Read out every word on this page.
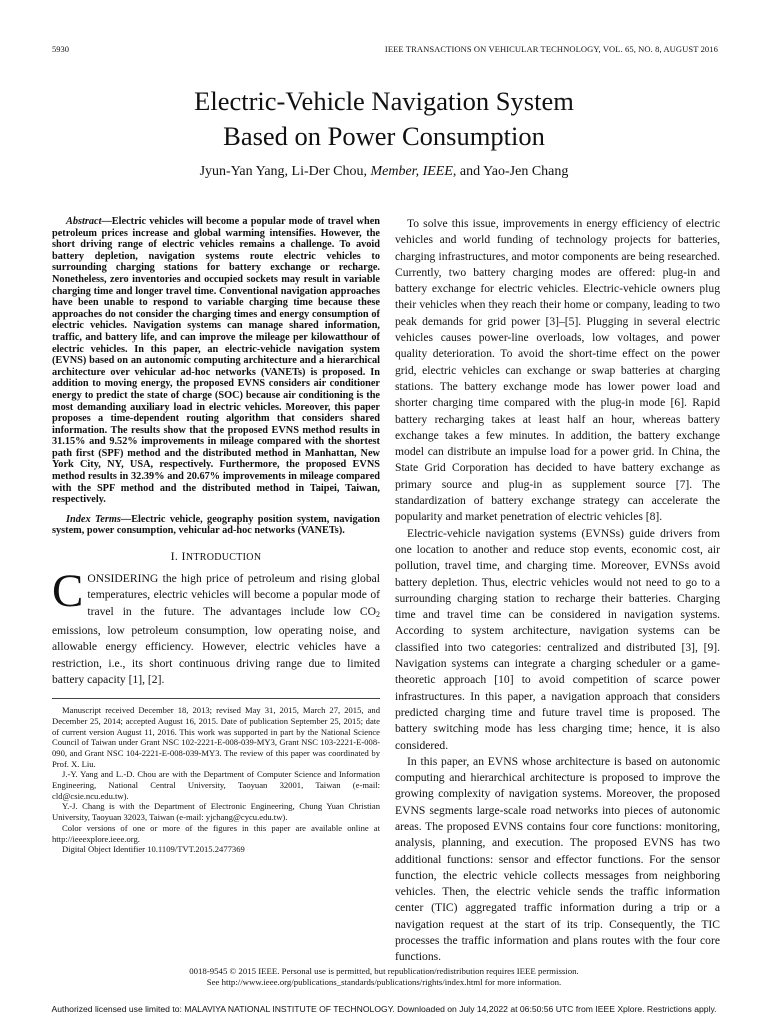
5930	IEEE TRANSACTIONS ON VEHICULAR TECHNOLOGY, VOL. 65, NO. 8, AUGUST 2016
Electric-Vehicle Navigation System
Based on Power Consumption
Jyun-Yan Yang, Li-Der Chou, Member, IEEE, and Yao-Jen Chang

Abstract—Electric vehicles will become a popular mode of travel when petroleum prices increase and global warming intensifies. However, the short driving range of electric vehicles remains a challenge. To avoid battery depletion, navigation systems route electric vehicles to surrounding charging stations for battery exchange or recharge. Nonetheless, zero inventories and occupied sockets may result in variable charging time and longer travel time. Conventional navigation approaches have been unable to respond to variable charging time because these approaches do not consider the charging times and energy consumption of electric vehicles. Navigation systems can manage shared information, traffic, and battery life, and can improve the mileage per kilowatthour of electric vehicles. In this paper, an electric-vehicle navigation system (EVNS) based on an autonomic computing architecture and a hierarchical architecture over vehicular ad-hoc networks (VANETs) is proposed. In addition to moving energy, the proposed EVNS considers air conditioner energy to predict the state of charge (SOC) because air conditioning is the most demanding auxiliary load in electric vehicles. Moreover, this paper proposes a time-dependent routing algorithm that considers shared information. The results show that the proposed EVNS method results in 31.15% and 9.52% improvements in mileage compared with the shortest path first (SPF) method and the distributed method in Manhattan, New York City, NY, USA, respectively. Furthermore, the proposed EVNS method results in 32.39% and 20.67% improvements in mileage compared with the SPF method and the distributed method in Taipei, Taiwan, respectively.

Index Terms—Electric vehicle, geography position system, navigation system, power consumption, vehicular ad-hoc networks (VANETs).

I. INTRODUCTION

CONSIDERING the high price of petroleum and rising global temperatures, electric vehicles will become a popular mode of travel in the future. The advantages include low CO2 emissions, low petroleum consumption, low operating noise, and allowable energy efficiency. However, electric vehicles have a restriction, i.e., its short continuous driving range due to limited battery capacity [1], [2].

Manuscript received December 18, 2013; revised May 31, 2015, March 27, 2015, and December 25, 2014; accepted August 16, 2015. Date of publication September 25, 2015; date of current version August 11, 2016. This work was supported in part by the National Science Council of Taiwan under Grant NSC 102-2221-E-008-039-MY3, Grant NSC 103-2221-E-008-090, and Grant NSC 104-2221-E-008-039-MY3. The review of this paper was coordinated by Prof. X. Liu.

J.-Y. Yang and L.-D. Chou are with the Department of Computer Science and Information Engineering, National Central University, Taoyuan 32001, Taiwan (e-mail: cld@csie.ncu.edu.tw).

Y.-J. Chang is with the Department of Electronic Engineering, Chung Yuan Christian University, Taoyuan 32023, Taiwan (e-mail: yjchang@cycu.edu.tw).

Color versions of one or more of the figures in this paper are available online at http://ieeexplore.ieee.org.

Digital Object Identifier 10.1109/TVT.2015.2477369

To solve this issue, improvements in energy efficiency of electric vehicles and world funding of technology projects for batteries, charging infrastructures, and motor components are being researched. Currently, two battery charging modes are offered: plug-in and battery exchange for electric vehicles. Electric-vehicle owners plug their vehicles when they reach their home or company, leading to two peak demands for grid power [3]–[5]. Plugging in several electric vehicles causes power-line overloads, low voltages, and power quality deterioration. To avoid the short-time effect on the power grid, electric vehicles can exchange or swap batteries at charging stations. The battery exchange mode has lower power load and shorter charging time compared with the plug-in mode [6]. Rapid battery recharging takes at least half an hour, whereas battery exchange takes a few minutes. In addition, the battery exchange model can distribute an impulse load for a power grid. In China, the State Grid Corporation has decided to have battery exchange as primary source and plug-in as supplement source [7]. The standardization of battery exchange strategy can accelerate the popularity and market penetration of electric vehicles [8].

Electric-vehicle navigation systems (EVNSs) guide drivers from one location to another and reduce stop events, economic cost, air pollution, travel time, and charging time. Moreover, EVNSs avoid battery depletion. Thus, electric vehicles would not need to go to a surrounding charging station to recharge their batteries. Charging time and travel time can be considered in navigation systems. According to system architecture, navigation systems can be classified into two categories: centralized and distributed [3], [9]. Navigation systems can integrate a charging scheduler or a game-theoretic approach [10] to avoid competition of scarce power infrastructures. In this paper, a navigation approach that considers predicted charging time and future travel time is proposed. The battery switching mode has less charging time; hence, it is also considered.

In this paper, an EVNS whose architecture is based on autonomic computing and hierarchical architecture is proposed to improve the growing complexity of navigation systems. Moreover, the proposed EVNS segments large-scale road networks into pieces of autonomic areas. The proposed EVNS contains four core functions: monitoring, analysis, planning, and execution. The proposed EVNS has two additional functions: sensor and effector functions. For the sensor function, the electric vehicle collects messages from neighboring vehicles. Then, the electric vehicle sends the traffic information center (TIC) aggregated traffic information during a trip or a navigation request at the start of its trip. Consequently, the TIC processes the traffic information and plans routes with the four core functions.

0018-9545 © 2015 IEEE. Personal use is permitted, but republication/redistribution requires IEEE permission.
See http://www.ieee.org/publications_standards/publications/rights/index.html for more information.
Authorized licensed use limited to: MALAVIYA NATIONAL INSTITUTE OF TECHNOLOGY. Downloaded on July 14,2022 at 06:50:56 UTC from IEEE Xplore. Restrictions apply.
